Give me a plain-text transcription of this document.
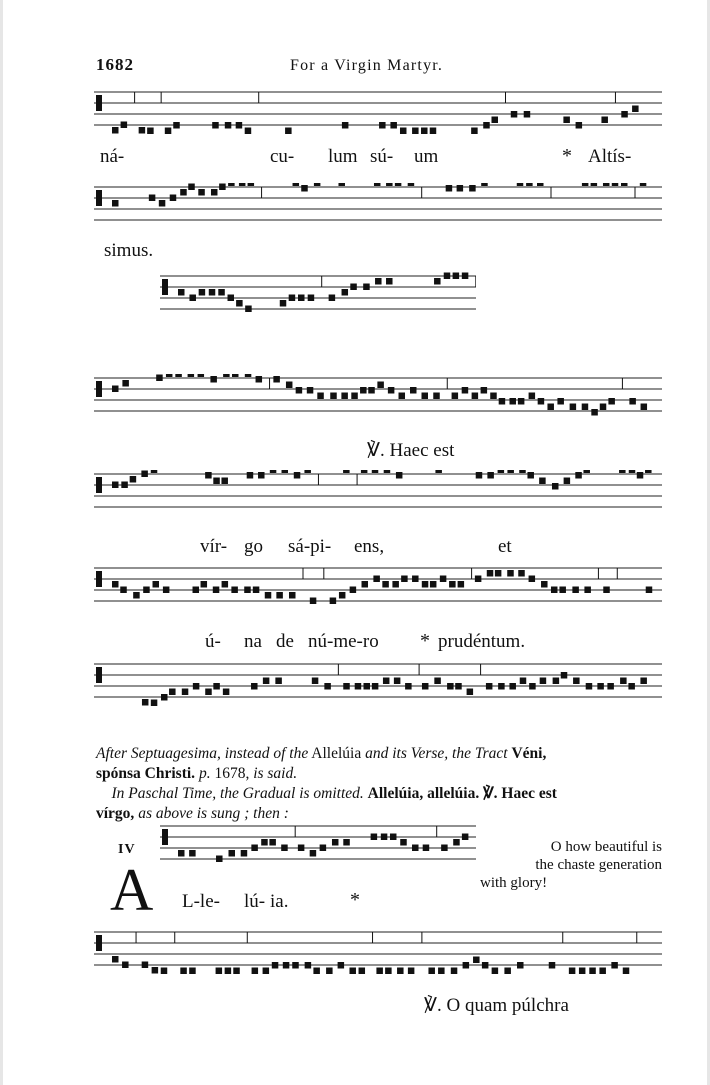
1682	For a Virgin Martyr.
ná-	cu- lum sú- um	* Altís-
simus.
℣. Haec est
vír- go sá-pi- ens,	et
ú- na de nú-me-ro * prudéntum.
After Septuagesima, instead of the Allelúia and its Verse, the Tract Véni,
spónsa Christi. p. 1678, is said.
In Paschal Time, the Gradual is omitted. Allelúia, allelúia. ℣. Haec est
vírgo, as above is sung ; then :
IV
A L-le- lú- ia.	*
O how beautiful is
the chaste generation
with glory!
℣. O quam púlchra
